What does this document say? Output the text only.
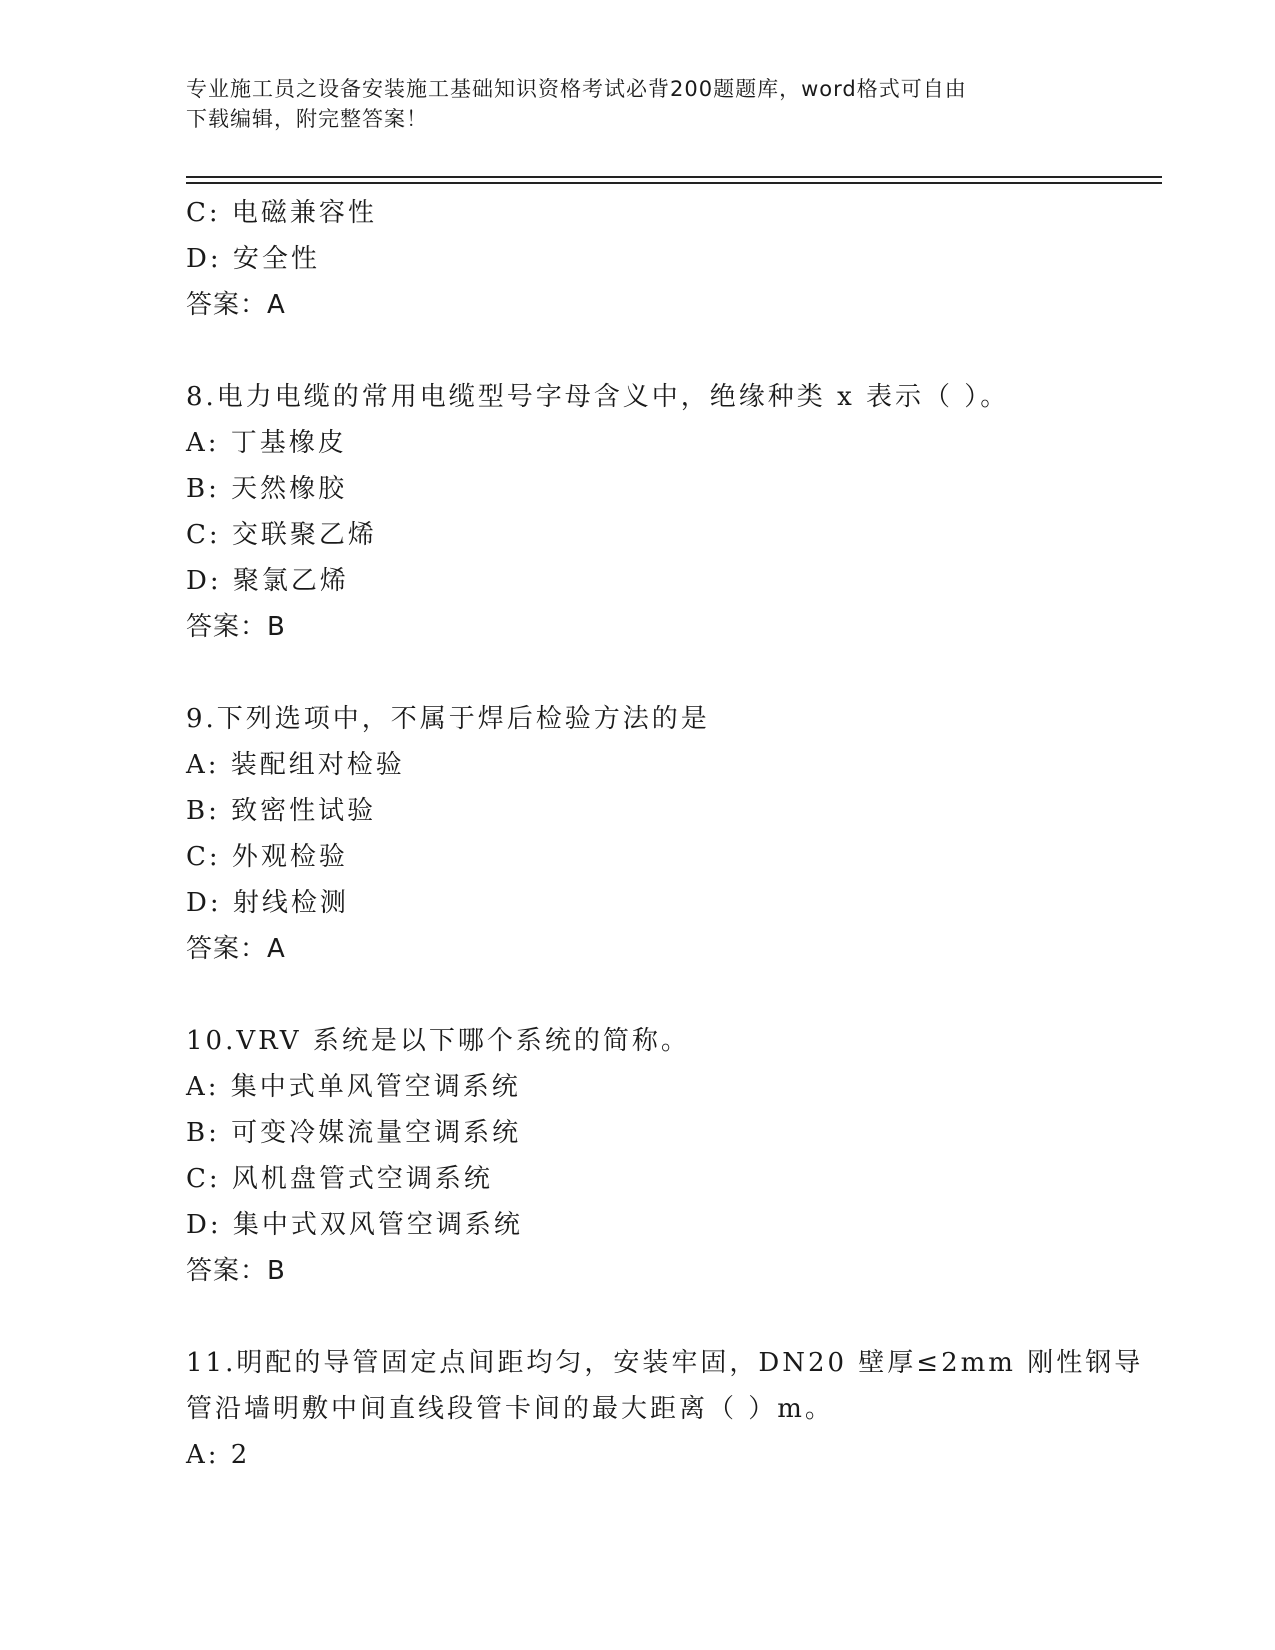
专业施工员之设备安装施工基础知识资格考试必背200题题库，word格式可自由
下载编辑，附完整答案！
C: 电磁兼容性
D: 安全性
答案：A
8.电力电缆的常用电缆型号字母含义中，绝缘种类 x 表示（ ）。
A: 丁基橡皮
B: 天然橡胶
C: 交联聚乙烯
D: 聚氯乙烯
答案：B
9.下列选项中，不属于焊后检验方法的是
A: 装配组对检验
B: 致密性试验
C: 外观检验
D: 射线检测
答案：A
10.VRV 系统是以下哪个系统的简称。
A: 集中式单风管空调系统
B: 可变冷媒流量空调系统
C: 风机盘管式空调系统
D: 集中式双风管空调系统
答案：B
11.明配的导管固定点间距均匀，安装牢固，DN20 壁厚≤2mm 刚性钢导
管沿墙明敷中间直线段管卡间的最大距离（ ）m。
A: 2
